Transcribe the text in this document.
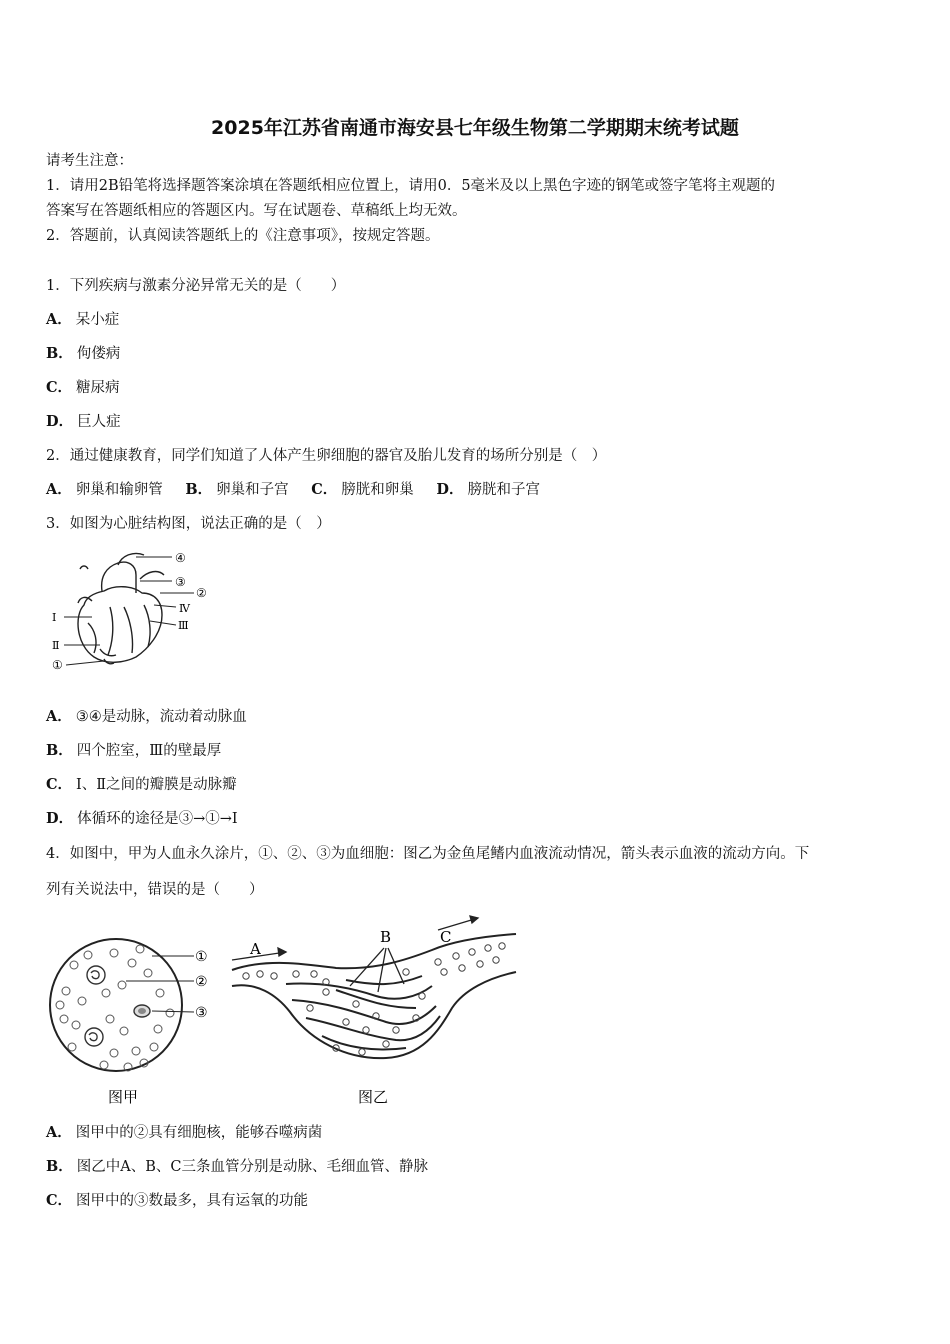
2025年江苏省南通市海安县七年级生物第二学期期末统考试题
请考生注意：
1．请用2B铅笔将选择题答案涂填在答题纸相应位置上，请用0．5毫米及以上黑色字迹的钢笔或签字笔将主观题的
答案写在答题纸相应的答题区内。写在试题卷、草稿纸上均无效。
2．答题前，认真阅读答题纸上的《注意事项》，按规定答题。
1．下列疾病与激素分泌异常无关的是（　　）
A． 呆小症
B． 佝偻病
C． 糖尿病
D． 巨人症
2．通过健康教育，同学们知道了人体产生卵细胞的器官及胎儿发育的场所分别是（　）
A． 卵巢和输卵管 B． 卵巢和子宫 C． 膀胱和卵巢 D． 膀胱和子宫
3．如图为心脏结构图，说法正确的是（　）
④
③
②
Ⅳ
Ⅲ
Ⅰ
Ⅱ
①
A． ③④是动脉，流动着动脉血
B． 四个腔室，Ⅲ的壁最厚
C． Ⅰ、Ⅱ之间的瓣膜是动脉瓣
D． 体循环的途径是③→①→Ⅰ
4．如图中，甲为人血永久涂片，①、②、③为血细胞：图乙为金鱼尾鳍内血液流动情况，箭头表示血液的流动方向。下
列有关说法中，错误的是（　　）
①
②
③
图甲
A
B	C
图乙
A． 图甲中的②具有细胞核，能够吞噬病菌
B． 图乙中A、B、C三条血管分别是动脉、毛细血管、静脉
C． 图甲中的③数最多，具有运氧的功能
